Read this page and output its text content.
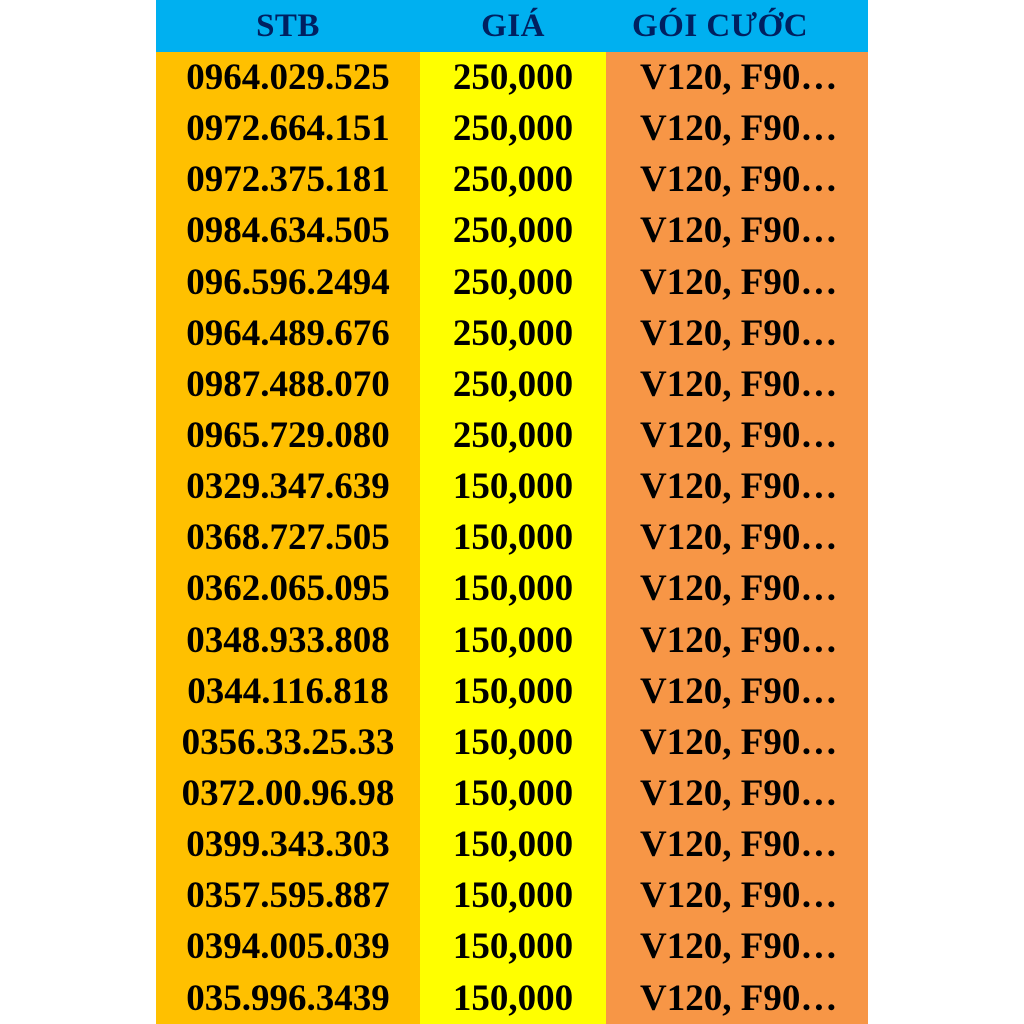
STB	GIÁ	GÓI CƯỚC
0964.029.525	250,000	V120, F90…
0972.664.151	250,000	V120, F90…
0972.375.181	250,000	V120, F90…
0984.634.505	250,000	V120, F90…
096.596.2494	250,000	V120, F90…
0964.489.676	250,000	V120, F90…
0987.488.070	250,000	V120, F90…
0965.729.080	250,000	V120, F90…
0329.347.639	150,000	V120, F90…
0368.727.505	150,000	V120, F90…
0362.065.095	150,000	V120, F90…
0348.933.808	150,000	V120, F90…
0344.116.818	150,000	V120, F90…
0356.33.25.33	150,000	V120, F90…
0372.00.96.98	150,000	V120, F90…
0399.343.303	150,000	V120, F90…
0357.595.887	150,000	V120, F90…
0394.005.039	150,000	V120, F90…
035.996.3439	150,000	V120, F90…
